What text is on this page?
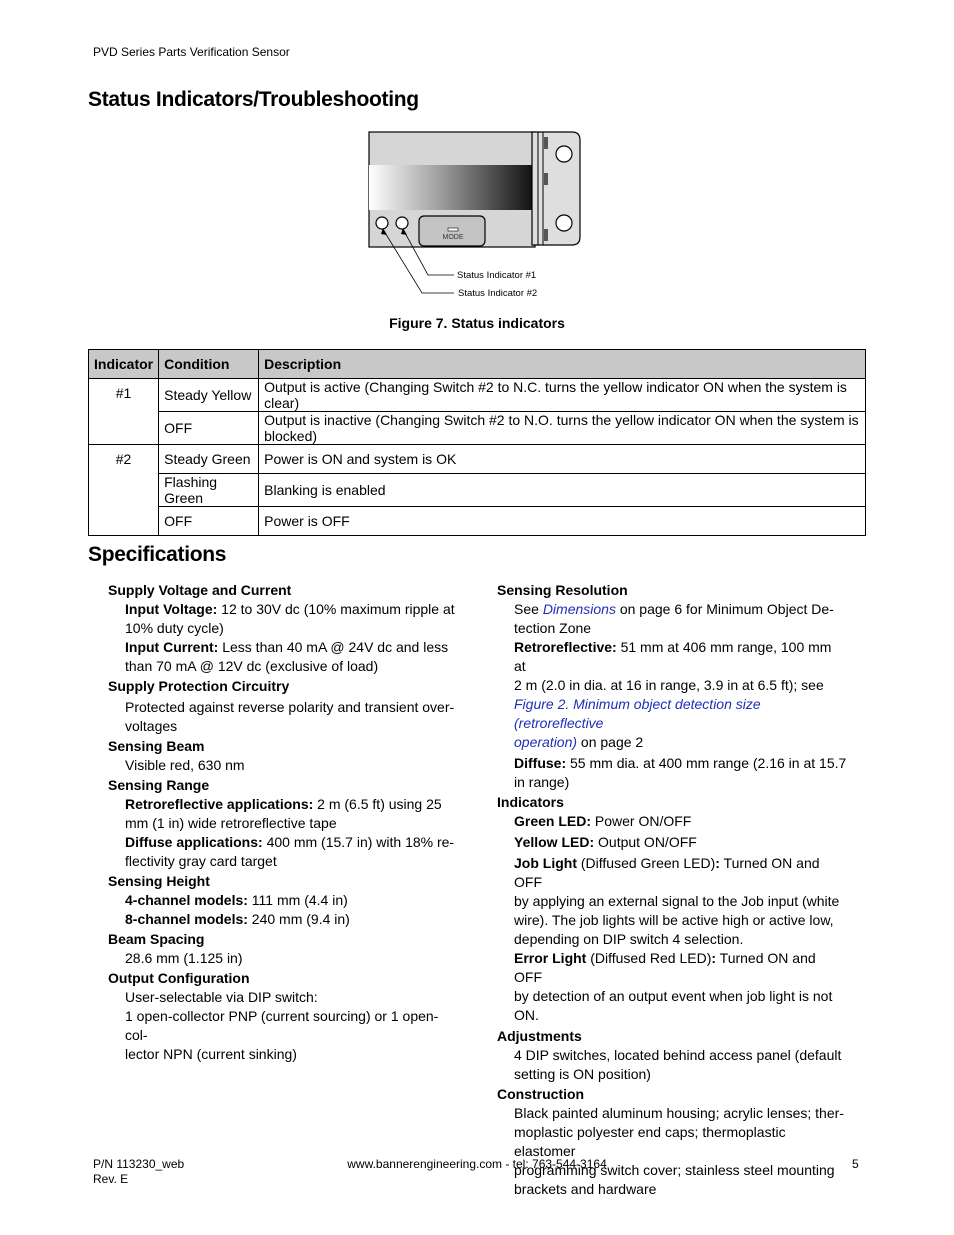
PVD Series Parts Verification Sensor
Status Indicators/Troubleshooting
MODE
Status Indicator #1
Status Indicator #2
Figure 7. Status indicators
Indicator	Condition	Description
#1	Steady Yellow	Output is active (Changing Switch #2 to N.C. turns the yellow indicator ON when the system is clear)
	OFF	Output is inactive (Changing Switch #2 to N.O. turns the yellow indicator ON when the system is blocked)
#2	Steady Green	Power is ON and system is OK
	Flashing Green	Blanking is enabled
	OFF	Power is OFF
Specifications
Supply Voltage and Current
Input Voltage: 12 to 30V dc (10% maximum ripple at
10% duty cycle)
Input Current: Less than 40 mA @ 24V dc and less
than 70 mA @ 12V dc (exclusive of load)
Supply Protection Circuitry
Protected against reverse polarity and transient over-
voltages
Sensing Beam
Visible red, 630 nm
Sensing Range
Retroreflective applications: 2 m (6.5 ft) using 25
mm (1 in) wide retroreflective tape
Diffuse applications: 400 mm (15.7 in) with 18% re-
flectivity gray card target
Sensing Height
4-channel models: 111 mm (4.4 in)
8-channel models: 240 mm (9.4 in)
Beam Spacing
28.6 mm (1.125 in)
Output Configuration
User-selectable via DIP switch:
1 open-collector PNP (current sourcing) or 1 open-col-
lector NPN (current sinking)
Sensing Resolution
See Dimensions on page 6 for Minimum Object De-
tection Zone
Retroreflective: 51 mm at 406 mm range, 100 mm at
2 m (2.0 in dia. at 16 in range, 3.9 in at 6.5 ft); see
Figure 2. Minimum object detection size (retroreflective
operation) on page 2
Diffuse: 55 mm dia. at 400 mm range (2.16 in at 15.7
in range)
Indicators
Green LED: Power ON/OFF
Yellow LED: Output ON/OFF
Job Light (Diffused Green LED): Turned ON and OFF
by applying an external signal to the Job input (white
wire). The job lights will be active high or active low,
depending on DIP switch 4 selection.
Error Light (Diffused Red LED): Turned ON and OFF
by detection of an output event when job light is not
ON.
Adjustments
4 DIP switches, located behind access panel (default
setting is ON position)
Construction
Black painted aluminum housing; acrylic lenses; ther-
moplastic polyester end caps; thermoplastic elastomer
programming switch cover; stainless steel mounting
brackets and hardware
P/N 113230_web
Rev. E
www.bannerengineering.com - tel: 763-544-3164	5
